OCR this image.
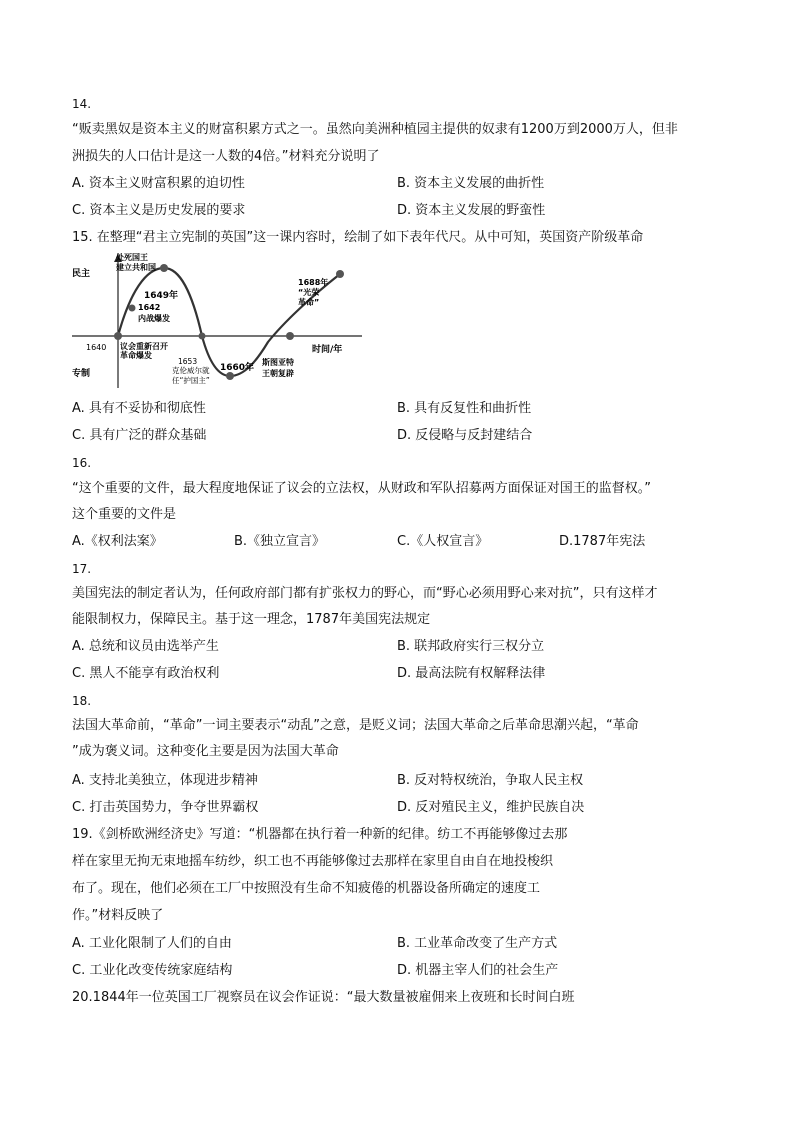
14.
“贩卖黑奴是资本主义的财富积累方式之一。虽然向美洲种植园主提供的奴隶有1200万到2000万人，但非
洲损失的人口估计是这一人数的4倍。”材料充分说明了
A. 资本主义财富积累的迫切性	B. 资本主义发展的曲折性
C. 资本主义是历史发展的要求	D. 资本主义发展的野蛮性
15. 在整理“君主立宪制的英国”这一课内容时，绘制了如下表年代尺。从中可知，英国资产阶级革命
民主
专制
时间/年
1640 议会重新召开
革命爆发
1642
内战爆发
1649年
处死国王
建立共和国
1653
克伦威尔就
任“护国主”
1660年
斯图亚特
王朝复辟
1688年
“光荣
革命”
A. 具有不妥协和彻底性	B. 具有反复性和曲折性
C. 具有广泛的群众基础	D. 反侵略与反封建结合
16.
“这个重要的文件，最大程度地保证了议会的立法权，从财政和军队招募两方面保证对国王的监督权。”
这个重要的文件是
A.《权利法案》	B.《独立宣言》	C.《人权宣言》	D.1787年宪法
17.
美国宪法的制定者认为，任何政府部门都有扩张权力的野心，而“野心必须用野心来对抗”，只有这样才
能限制权力，保障民主。基于这一理念，1787年美国宪法规定
A. 总统和议员由选举产生	B. 联邦政府实行三权分立
C. 黑人不能享有政治权利	D. 最高法院有权解释法律
18.
法国大革命前，“革命”一词主要表示“动乱”之意，是贬义词；法国大革命之后革命思潮兴起，“革命
”成为褒义词。这种变化主要是因为法国大革命
A. 支持北美独立，体现进步精神	B. 反对特权统治，争取人民主权
C. 打击英国势力，争夺世界霸权	D. 反对殖民主义，维护民族自决
19.《剑桥欧洲经济史》写道：“机器都在执行着一种新的纪律。纺工不再能够像过去那
样在家里无拘无束地摇车纺纱，织工也不再能够像过去那样在家里自由自在地投梭织
布了。现在，他们必须在工厂中按照没有生命不知疲倦的机器设备所确定的速度工
作。”材料反映了
A. 工业化限制了人们的自由	B. 工业革命改变了生产方式
C. 工业化改变传统家庭结构	D. 机器主宰人们的社会生产
20.1844年一位英国工厂视察员在议会作证说：“最大数量被雇佣来上夜班和长时间白班
